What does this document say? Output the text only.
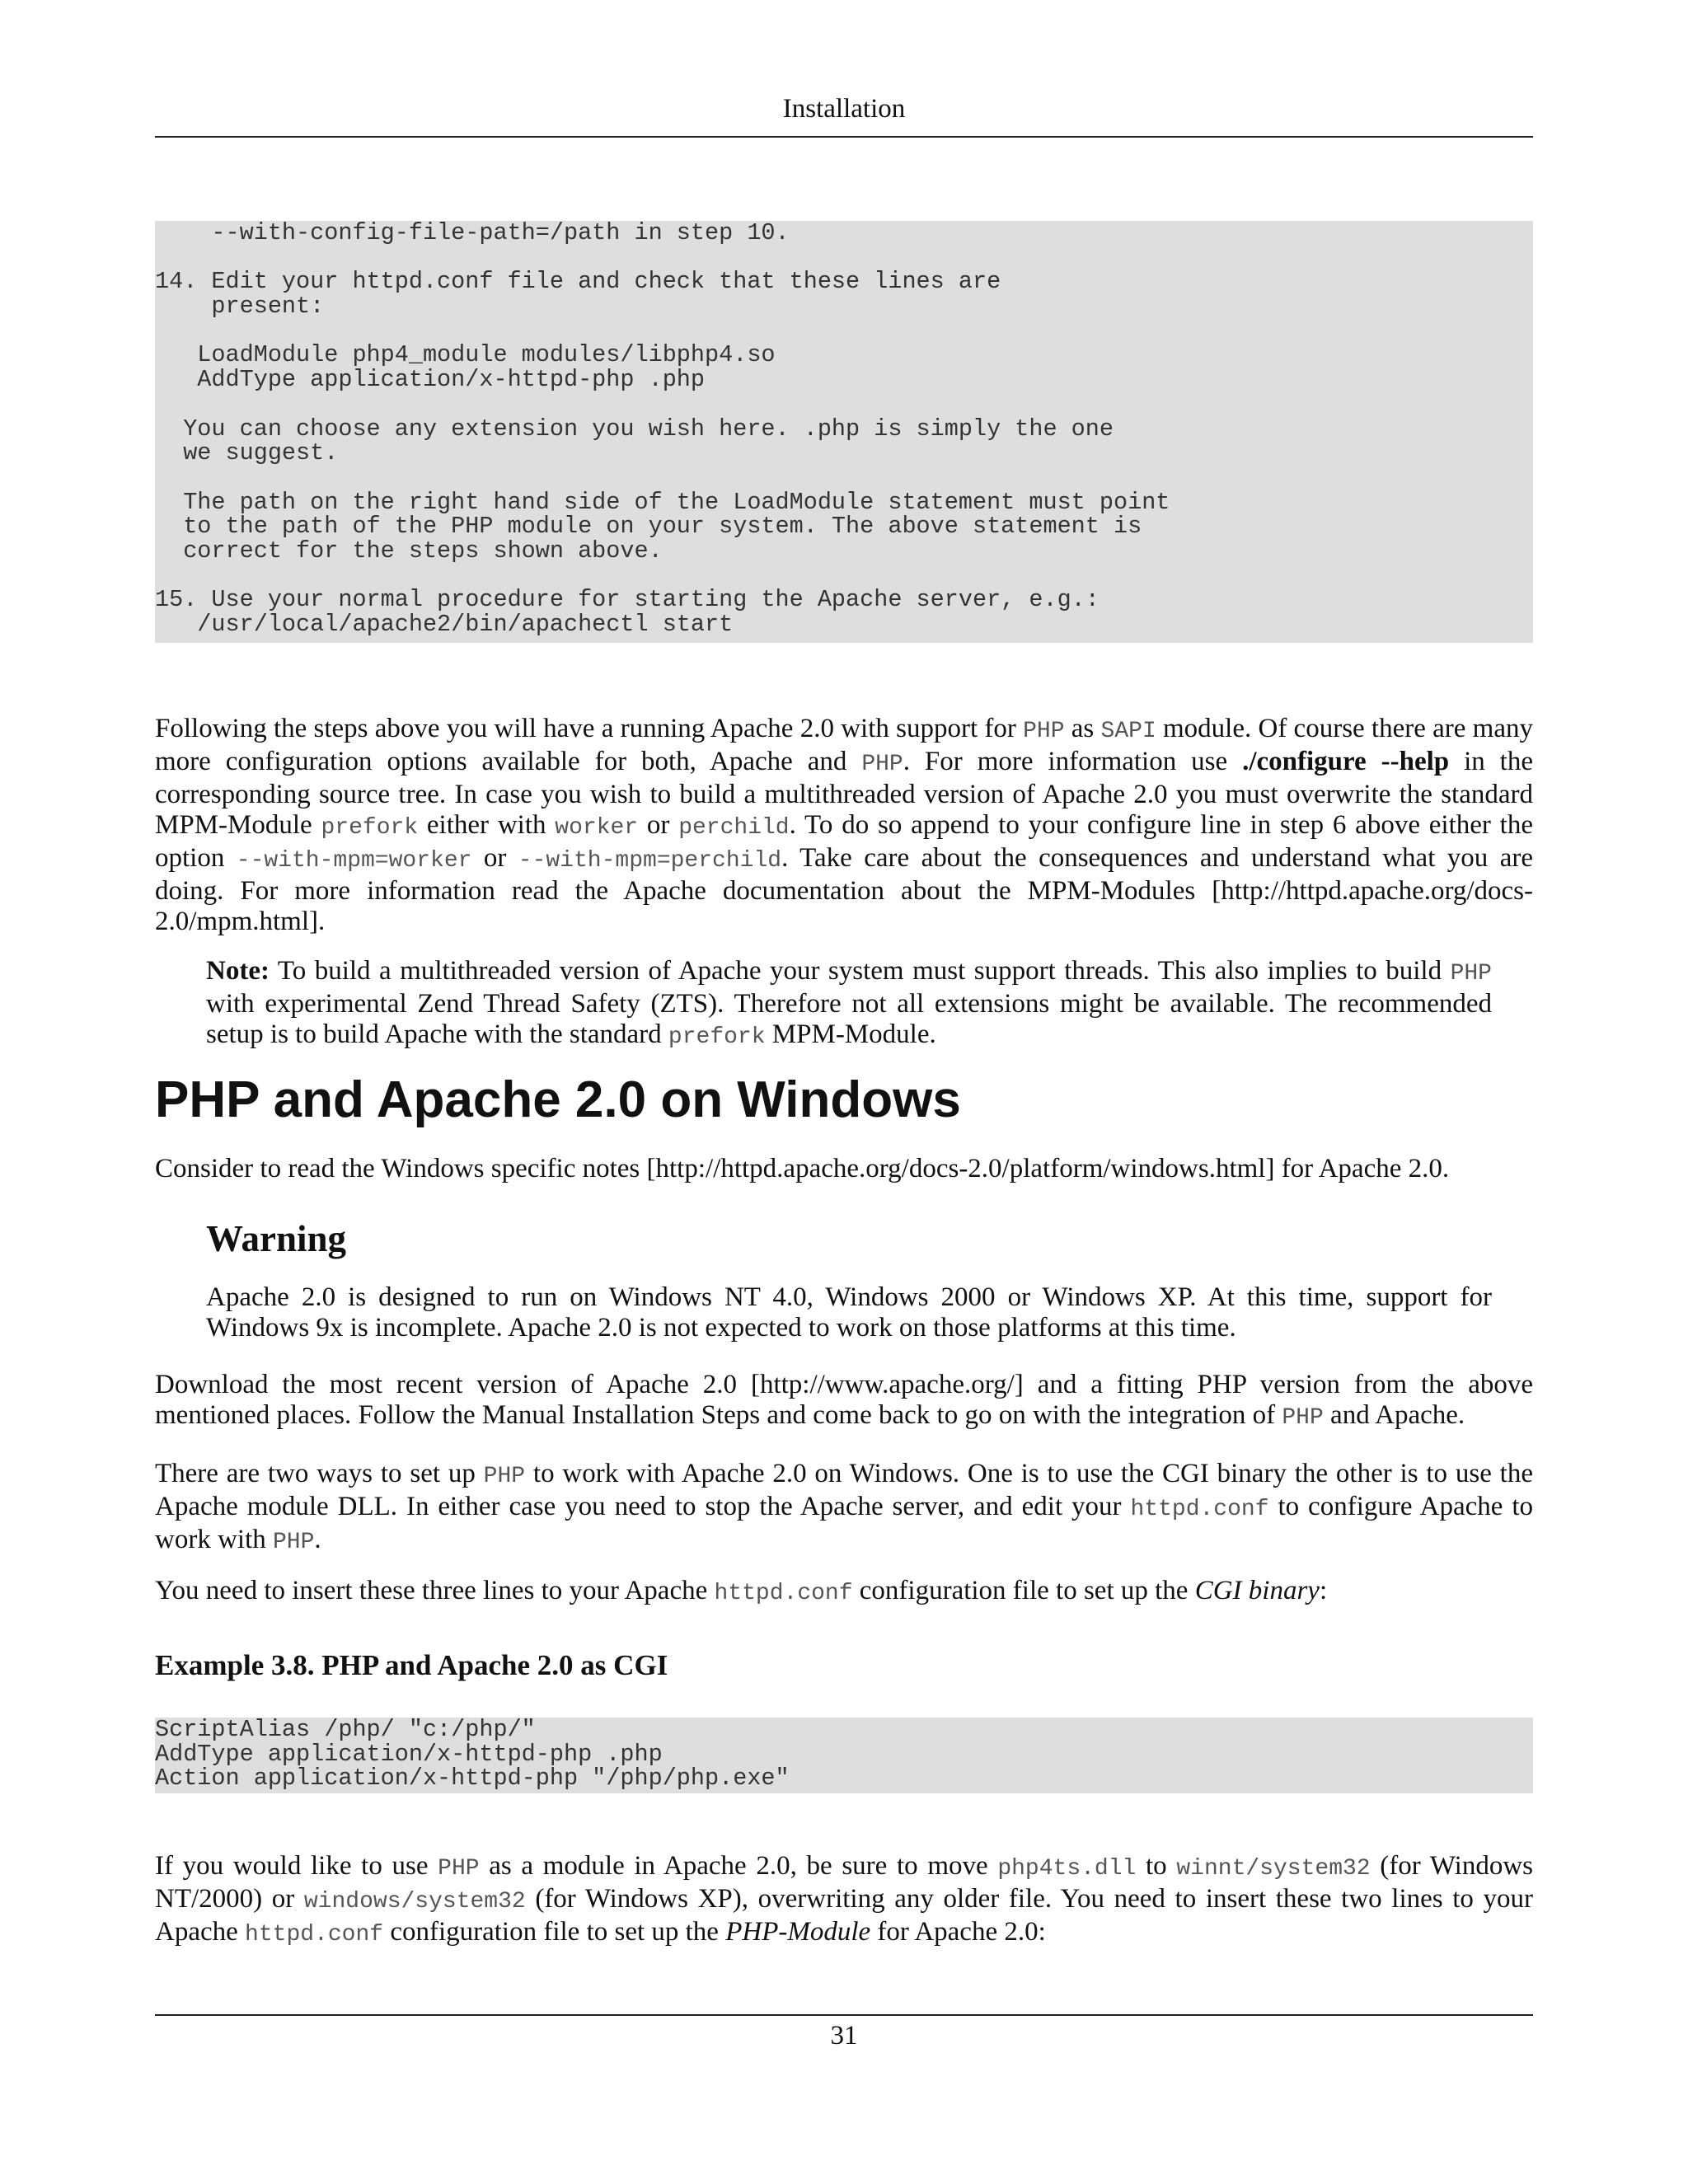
Installation
--with-config-file-path=/path in step 10.
14. Edit your httpd.conf file and check that these lines are
present:
LoadModule php4_module modules/libphp4.so
AddType application/x-httpd-php .php
You can choose any extension you wish here. .php is simply the one
we suggest.
The path on the right hand side of the LoadModule statement must point
to the path of the PHP module on your system. The above statement is
correct for the steps shown above.
15. Use your normal procedure for starting the Apache server, e.g.:
/usr/local/apache2/bin/apachectl start
Following the steps above you will have a running Apache 2.0 with support for PHP as SAPI module. Of course there are many more configuration options available for both, Apache and PHP. For more information use ./configure --help in the corresponding source tree. In case you wish to build a multithreaded version of Apache 2.0 you must overwrite the standard MPM-Module prefork either with worker or perchild. To do so append to your configure line in step 6 above either the option --with-mpm=worker or --with-mpm=perchild. Take care about the consequences and understand what you are doing. For more information read the Apache documentation about the MPM-Modules [http://httpd.apache.org/docs-2.0/mpm.html].
Note: To build a multithreaded version of Apache your system must support threads. This also implies to build PHP with experimental Zend Thread Safety (ZTS). Therefore not all extensions might be available. The recommended setup is to build Apache with the standard prefork MPM-Module.
PHP and Apache 2.0 on Windows
Consider to read the Windows specific notes [http://httpd.apache.org/docs-2.0/platform/windows.html] for Apache 2.0.
Warning
Apache 2.0 is designed to run on Windows NT 4.0, Windows 2000 or Windows XP. At this time, support for Windows 9x is incomplete. Apache 2.0 is not expected to work on those platforms at this time.
Download the most recent version of Apache 2.0 [http://www.apache.org/] and a fitting PHP version from the above mentioned places. Follow the Manual Installation Steps and come back to go on with the integration of PHP and Apache.
There are two ways to set up PHP to work with Apache 2.0 on Windows. One is to use the CGI binary the other is to use the Apache module DLL. In either case you need to stop the Apache server, and edit your httpd.conf to configure Apache to work with PHP.
You need to insert these three lines to your Apache httpd.conf configuration file to set up the CGI binary:
Example 3.8. PHP and Apache 2.0 as CGI
ScriptAlias /php/ "c:/php/"
AddType application/x-httpd-php .php
Action application/x-httpd-php "/php/php.exe"
If you would like to use PHP as a module in Apache 2.0, be sure to move php4ts.dll to winnt/system32 (for Windows NT/2000) or windows/system32 (for Windows XP), overwriting any older file. You need to insert these two lines to your Apache httpd.conf configuration file to set up the PHP-Module for Apache 2.0:
31
